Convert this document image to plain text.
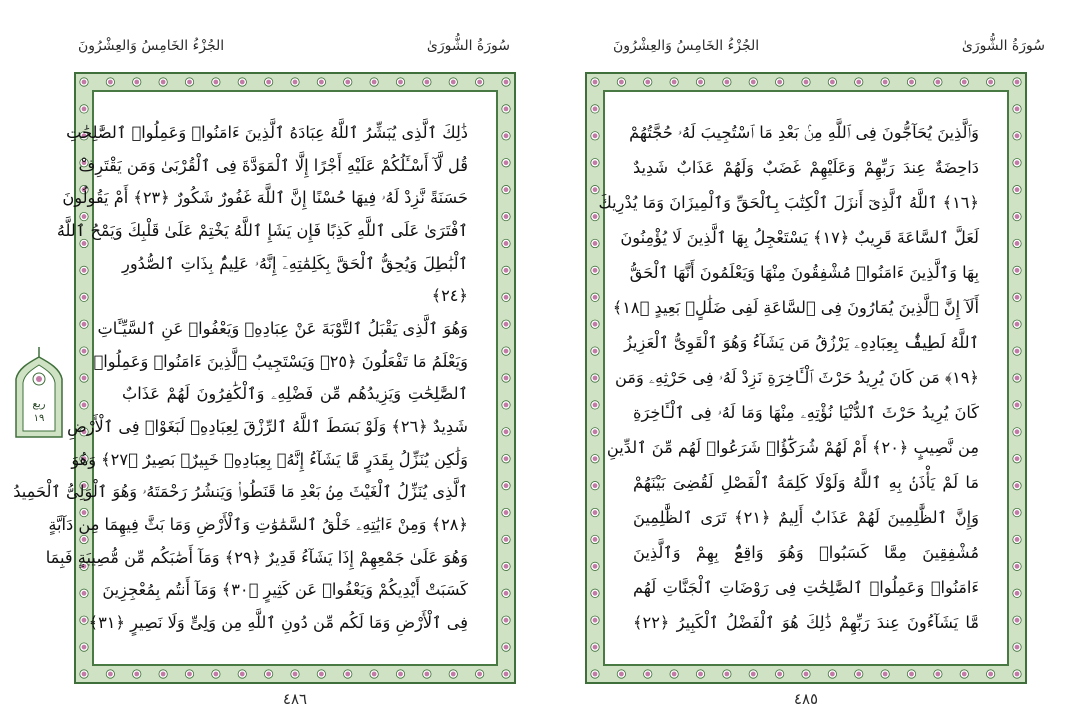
الجُزْءُ الخَامِسُ وَالعِشْرُونَ	سُورَةُ الشُّورَىٰ
ذَٰلِكَ ٱلَّذِى يُبَشِّرُ ٱللَّهُ عِبَادَهُ ٱلَّذِينَ ءَامَنُوا۟ وَعَمِلُوا۟ ٱلصَّٰلِحَٰتِ
قُل لَّآ أَسْـَٔلُكُمْ عَلَيْهِ أَجْرًا إِلَّا ٱلْمَوَدَّةَ فِى ٱلْقُرْبَىٰ وَمَن يَقْتَرِفْ
حَسَنَةً نَّزِدْ لَهُۥ فِيهَا حُسْنًا إِنَّ ٱللَّهَ غَفُورٌ شَكُورٌ ﴿٢٣﴾ أَمْ يَقُولُونَ
ٱفْتَرَىٰ عَلَى ٱللَّهِ كَذِبًا فَإِن يَشَإِ ٱللَّهُ يَخْتِمْ عَلَىٰ قَلْبِكَ وَيَمْحُ ٱللَّهُ
ٱلْبَٰطِلَ وَيُحِقُّ ٱلْحَقَّ بِكَلِمَٰتِهِۦٓ إِنَّهُۥ عَلِيمٌۢ بِذَاتِ ٱلصُّدُورِ
﴿٢٤﴾
وَهُوَ ٱلَّذِى يَقْبَلُ ٱلتَّوْبَةَ عَنْ عِبَادِهِۦ وَيَعْفُوا۟ عَنِ ٱلسَّيِّـَٔاتِ
وَيَعْلَمُ مَا تَفْعَلُونَ ﴿٢٥﴾ وَيَسْتَجِيبُ ٱلَّذِينَ ءَامَنُوا۟ وَعَمِلُوا۟
ٱلصَّٰلِحَٰتِ وَيَزِيدُهُم مِّن فَضْلِهِۦ وَٱلْكَٰفِرُونَ لَهُمْ عَذَابٌ
شَدِيدٌ ﴿٢٦﴾ وَلَوْ بَسَطَ ٱللَّهُ ٱلرِّزْقَ لِعِبَادِهِۦ لَبَغَوْا۟ فِى ٱلْأَرْضِ
وَلَٰكِن يُنَزِّلُ بِقَدَرٍ مَّا يَشَآءُ إِنَّهُۥ بِعِبَادِهِۦ خَبِيرٌۢ بَصِيرٌ ﴿٢٧﴾ وَهُوَ
ٱلَّذِى يُنَزِّلُ ٱلْغَيْثَ مِنۢ بَعْدِ مَا قَنَطُوا۟ وَيَنشُرُ رَحْمَتَهُۥ وَهُوَ ٱلْوَلِىُّ ٱلْحَمِيدُ
﴿٢٨﴾ وَمِنْ ءَايَٰتِهِۦ خَلْقُ ٱلسَّمَٰوَٰتِ وَٱلْأَرْضِ وَمَا بَثَّ فِيهِمَا مِن دَآبَّةٍ
وَهُوَ عَلَىٰ جَمْعِهِمْ إِذَا يَشَآءُ قَدِيرٌ ﴿٢٩﴾ وَمَآ أَصَٰبَكُم مِّن مُّصِيبَةٍ فَبِمَا
كَسَبَتْ أَيْدِيكُمْ وَيَعْفُوا۟ عَن كَثِيرٍ ﴿٣٠﴾ وَمَآ أَنتُم بِمُعْجِزِينَ
فِى ٱلْأَرْضِ وَمَا لَكُم مِّن دُونِ ٱللَّهِ مِن وَلِىٍّ وَلَا نَصِيرٍ ﴿٣١﴾
٤٨٦
ربع
١٩
الجُزْءُ الخَامِسُ وَالعِشْرُونَ	سُورَةُ الشُّورَىٰ
وَٱلَّذِينَ يُحَآجُّونَ فِى ٱللَّهِ مِنۢ بَعْدِ مَا ٱسْتُجِيبَ لَهُۥ حُجَّتُهُمْ
دَاحِضَةٌ عِندَ رَبِّهِمْ وَعَلَيْهِمْ غَضَبٌ وَلَهُمْ عَذَابٌ شَدِيدٌ
﴿١٦﴾ ٱللَّهُ ٱلَّذِىٓ أَنزَلَ ٱلْكِتَٰبَ بِٱلْحَقِّ وَٱلْمِيزَانَ وَمَا يُدْرِيكَ
لَعَلَّ ٱلسَّاعَةَ قَرِيبٌ ﴿١٧﴾ يَسْتَعْجِلُ بِهَا ٱلَّذِينَ لَا يُؤْمِنُونَ
بِهَا وَٱلَّذِينَ ءَامَنُوا۟ مُشْفِقُونَ مِنْهَا وَيَعْلَمُونَ أَنَّهَا ٱلْحَقُّ
أَلَآ إِنَّ ٱلَّذِينَ يُمَارُونَ فِى ٱلسَّاعَةِ لَفِى ضَلَٰلٍۭ بَعِيدٍ ﴿١٨﴾
ٱللَّهُ لَطِيفٌۢ بِعِبَادِهِۦ يَرْزُقُ مَن يَشَآءُ وَهُوَ ٱلْقَوِىُّ ٱلْعَزِيزُ
﴿١٩﴾ مَن كَانَ يُرِيدُ حَرْثَ ٱلْـَٔاخِرَةِ نَزِدْ لَهُۥ فِى حَرْثِهِۦ وَمَن
كَانَ يُرِيدُ حَرْثَ ٱلدُّنْيَا نُؤْتِهِۦ مِنْهَا وَمَا لَهُۥ فِى ٱلْـَٔاخِرَةِ
مِن نَّصِيبٍ ﴿٢٠﴾ أَمْ لَهُمْ شُرَكَٰٓؤُا۟ شَرَعُوا۟ لَهُم مِّنَ ٱلدِّينِ
مَا لَمْ يَأْذَنۢ بِهِ ٱللَّهُ وَلَوْلَا كَلِمَةُ ٱلْفَصْلِ لَقُضِىَ بَيْنَهُمْ
وَإِنَّ ٱلظَّٰلِمِينَ لَهُمْ عَذَابٌ أَلِيمٌ ﴿٢١﴾ تَرَى ٱلظَّٰلِمِينَ
مُشْفِقِينَ مِمَّا كَسَبُوا۟ وَهُوَ وَاقِعٌۢ بِهِمْ وَٱلَّذِينَ
ءَامَنُوا۟ وَعَمِلُوا۟ ٱلصَّٰلِحَٰتِ فِى رَوْضَاتِ ٱلْجَنَّاتِ لَهُم
مَّا يَشَآءُونَ عِندَ رَبِّهِمْ ذَٰلِكَ هُوَ ٱلْفَضْلُ ٱلْكَبِيرُ ﴿٢٢﴾
٤٨٥
